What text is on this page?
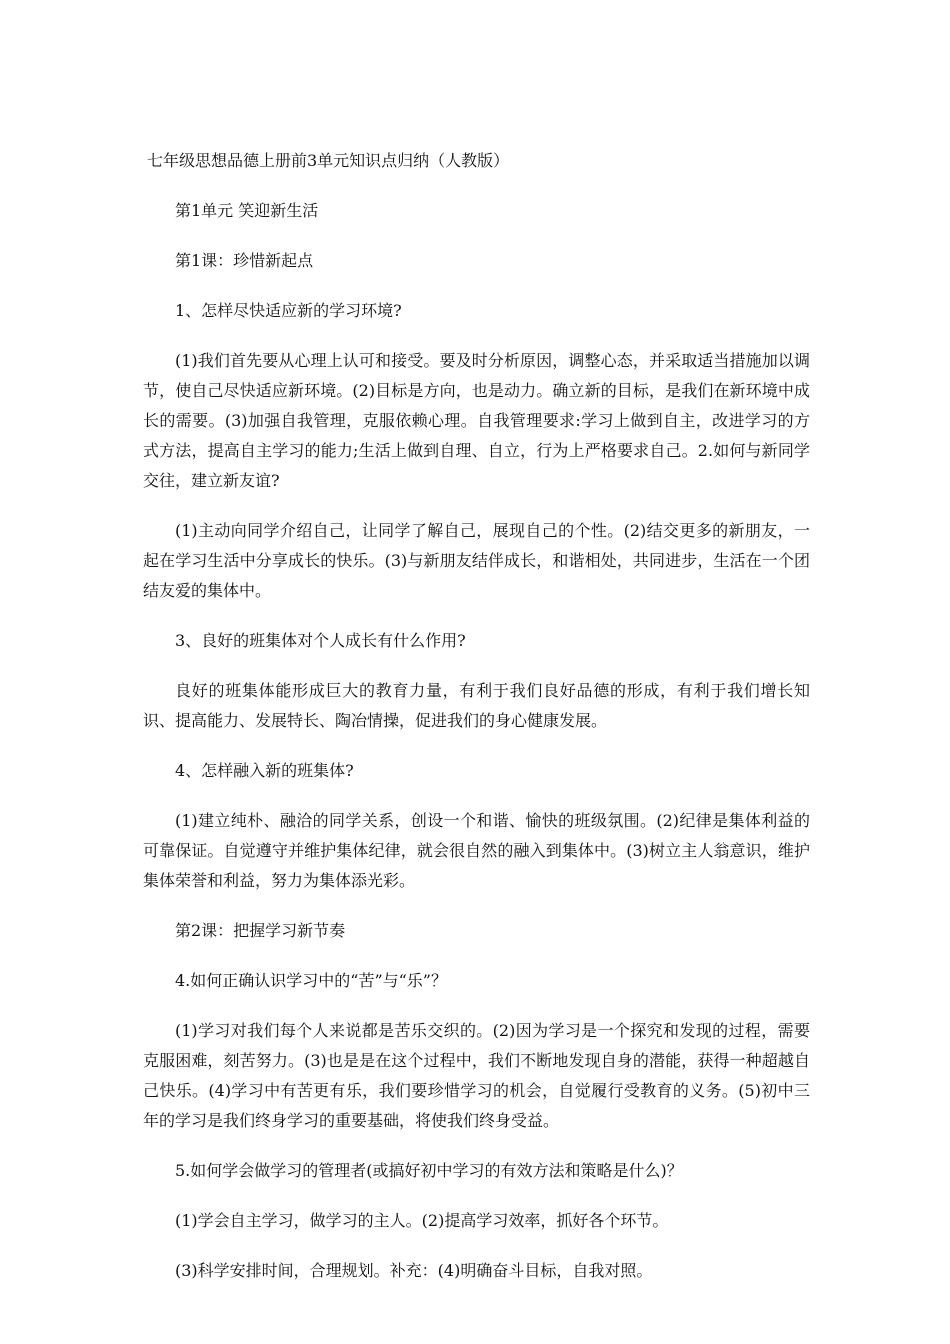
七年级思想品德上册前3单元知识点归纳（人教版）
第1单元 笑迎新生活
第1课：珍惜新起点
1、怎样尽快适应新的学习环境?
(1)我们首先要从心理上认可和接受。要及时分析原因，调整心态，并采取适当措施加以调节，使自己尽快适应新环境。(2)目标是方向，也是动力。确立新的目标，是我们在新环境中成长的需要。(3)加强自我管理，克服依赖心理。自我管理要求:学习上做到自主，改进学习的方式方法，提高自主学习的能力;生活上做到自理、自立，行为上严格要求自己。2.如何与新同学交往，建立新友谊?
(1)主动向同学介绍自己，让同学了解自己，展现自己的个性。(2)结交更多的新朋友，一起在学习生活中分享成长的快乐。(3)与新朋友结伴成长，和谐相处，共同进步，生活在一个团结友爱的集体中。
3、良好的班集体对个人成长有什么作用?
良好的班集体能形成巨大的教育力量，有利于我们良好品德的形成，有利于我们增长知识、提高能力、发展特长、陶冶情操，促进我们的身心健康发展。
4、怎样融入新的班集体?
(1)建立纯朴、融洽的同学关系，创设一个和谐、愉快的班级氛围。(2)纪律是集体利益的可靠保证。自觉遵守并维护集体纪律，就会很自然的融入到集体中。(3)树立主人翁意识，维护集体荣誉和利益，努力为集体添光彩。
第2课：把握学习新节奏
4.如何正确认识学习中的“苦”与“乐”？
(1)学习对我们每个人来说都是苦乐交织的。(2)因为学习是一个探究和发现的过程，需要克服困难，刻苦努力。(3)也是是在这个过程中，我们不断地发现自身的潜能，获得一种超越自己快乐。(4)学习中有苦更有乐，我们要珍惜学习的机会，自觉履行受教育的义务。(5)初中三年的学习是我们终身学习的重要基础，将使我们终身受益。
5.如何学会做学习的管理者(或搞好初中学习的有效方法和策略是什么)？
(1)学会自主学习，做学习的主人。(2)提高学习效率，抓好各个环节。
(3)科学安排时间，合理规划。补充：(4)明确奋斗目标，自我对照。
